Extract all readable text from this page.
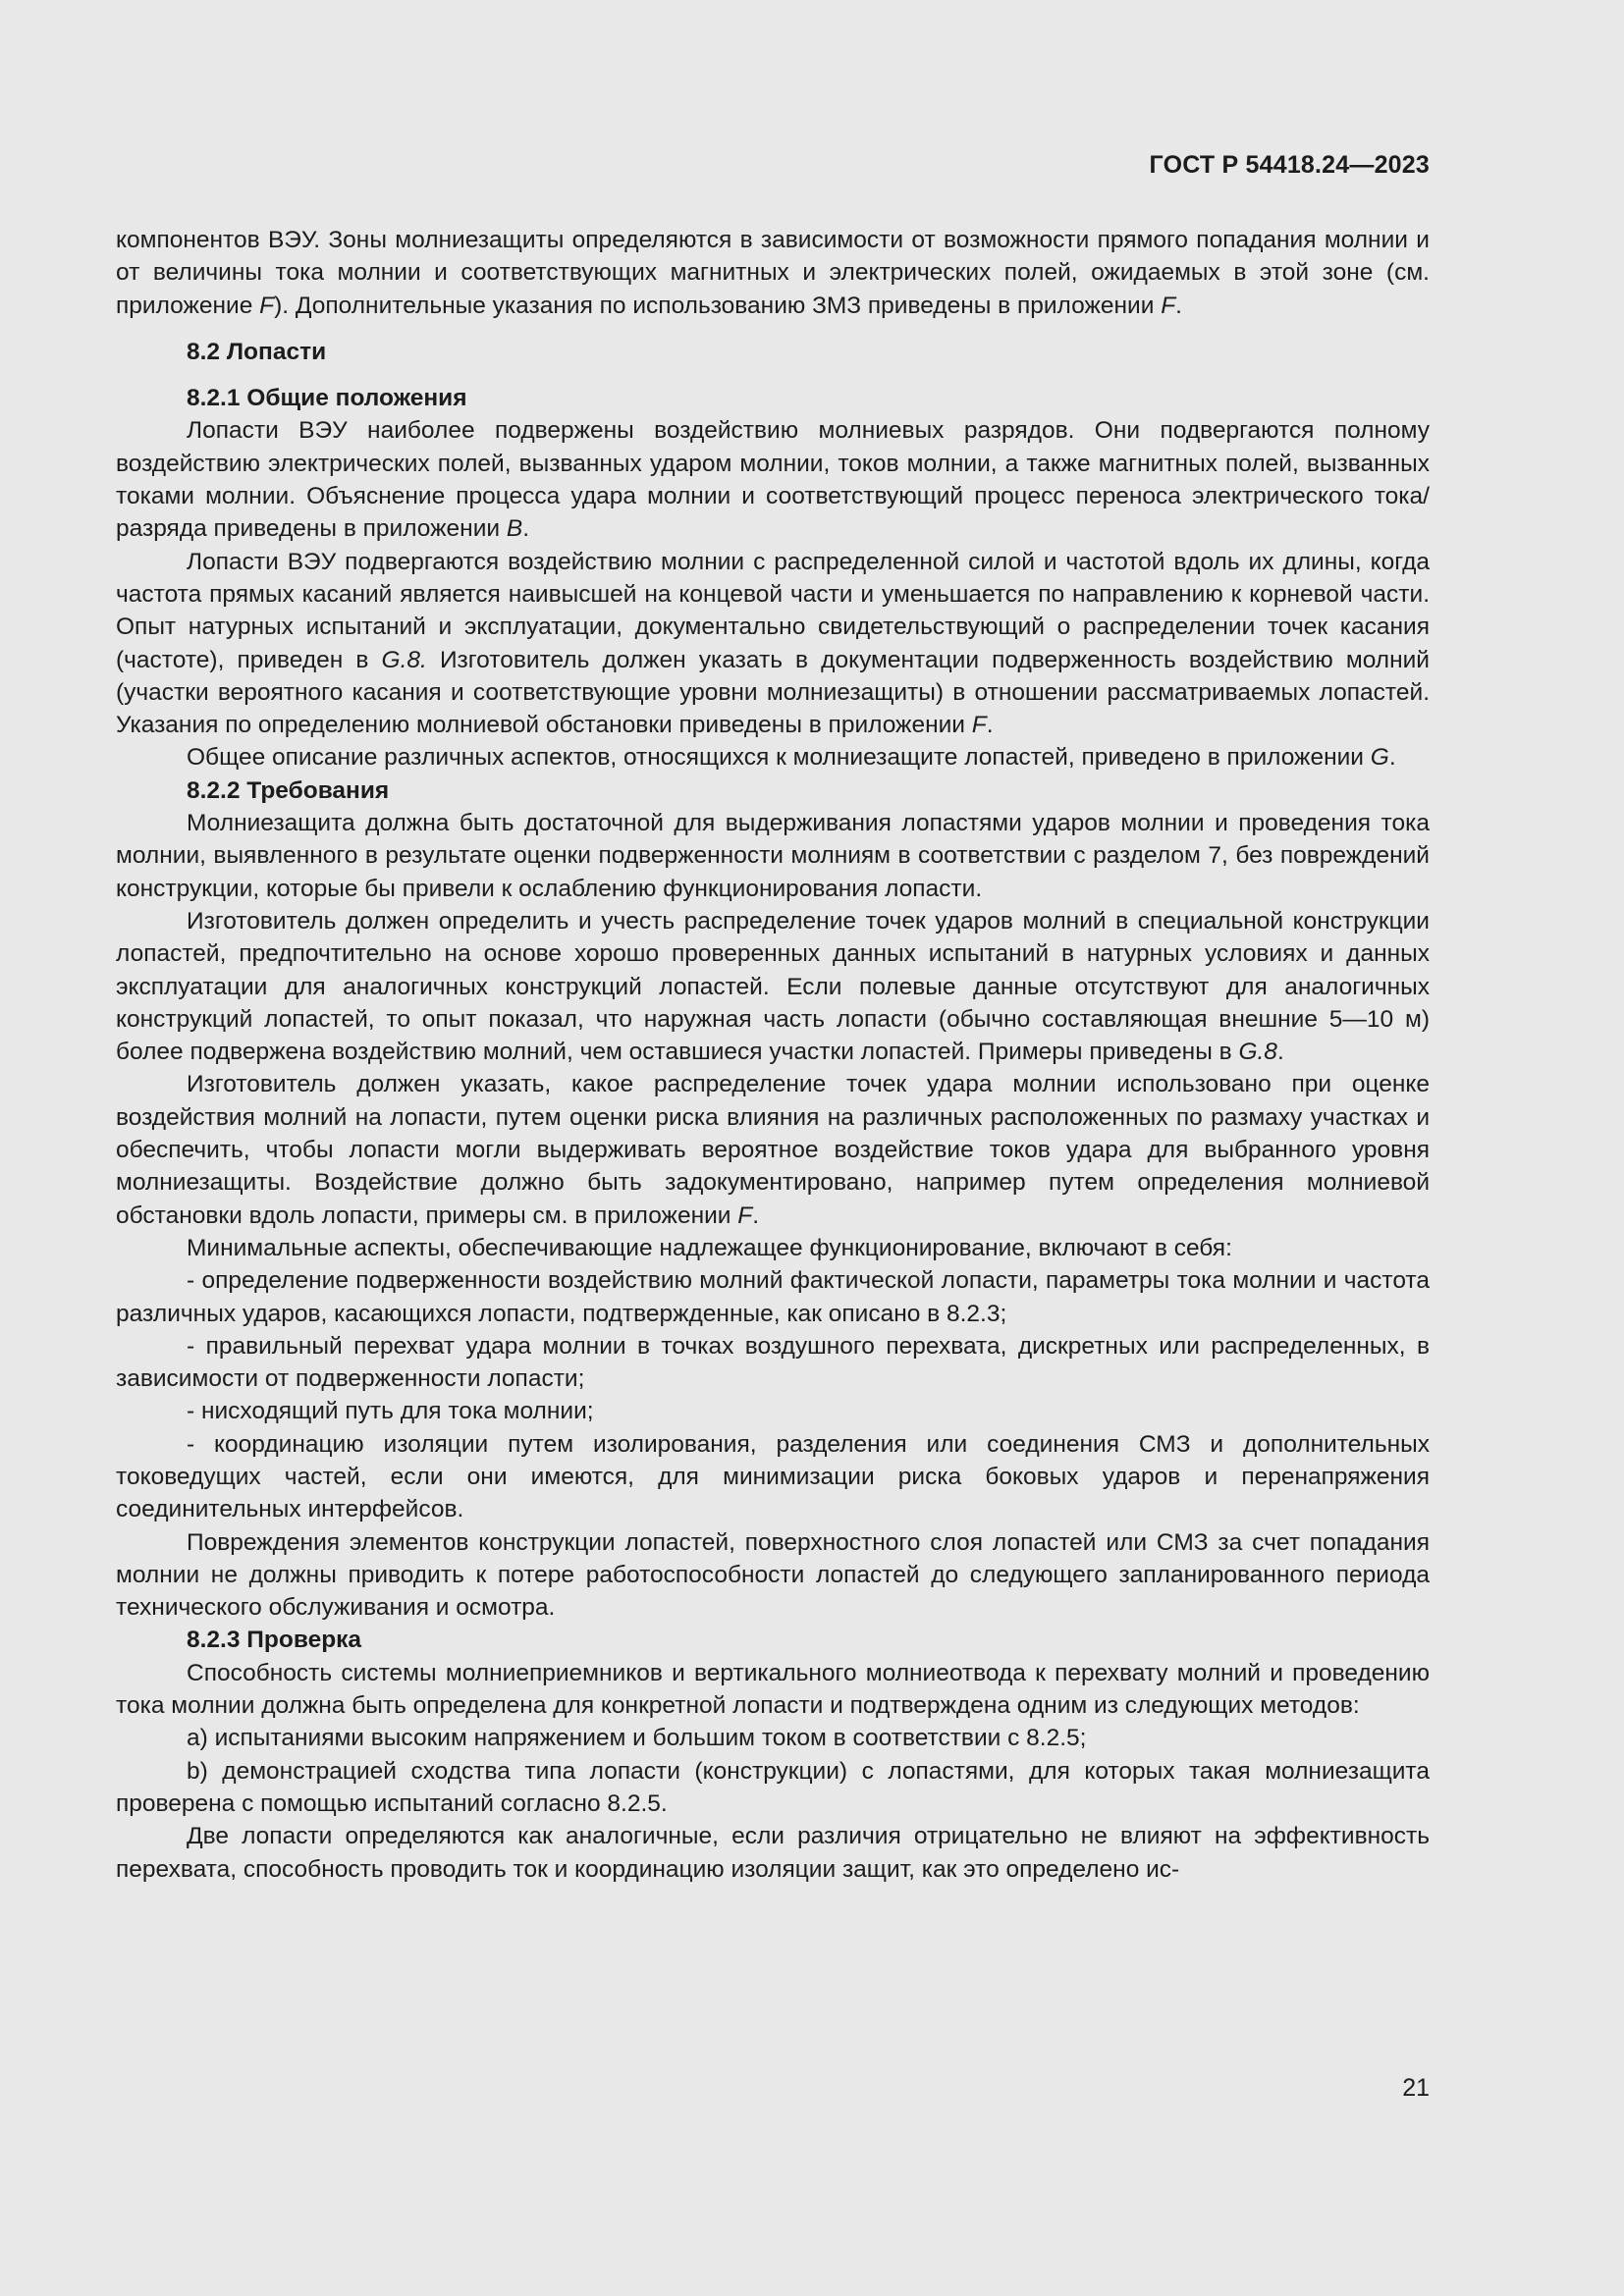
ГОСТ Р 54418.24—2023

компонентов ВЭУ. Зоны молниезащиты определяются в зависимости от возможности прямого попадания молнии и от величины тока молнии и соответствующих магнитных и электрических полей, ожидаемых в этой зоне (см. приложение F). Дополнительные указания по использованию ЗМЗ приведены в приложении F.

8.2 Лопасти

8.2.1 Общие положения

Лопасти ВЭУ наиболее подвержены воздействию молниевых разрядов. Они подвергаются полному воздействию электрических полей, вызванных ударом молнии, токов молнии, а также магнитных полей, вызванных токами молнии. Объяснение процесса удара молнии и соответствующий процесс переноса электрического тока/разряда приведены в приложении B.

Лопасти ВЭУ подвергаются воздействию молнии с распределенной силой и частотой вдоль их длины, когда частота прямых касаний является наивысшей на концевой части и уменьшается по направлению к корневой части. Опыт натурных испытаний и эксплуатации, документально свидетельствующий о распределении точек касания (частоте), приведен в G.8. Изготовитель должен указать в документации подверженность воздействию молний (участки вероятного касания и соответствующие уровни молниезащиты) в отношении рассматриваемых лопастей. Указания по определению молниевой обстановки приведены в приложении F.

Общее описание различных аспектов, относящихся к молниезащите лопастей, приведено в приложении G.

8.2.2 Требования

Молниезащита должна быть достаточной для выдерживания лопастями ударов молнии и проведения тока молнии, выявленного в результате оценки подверженности молниям в соответствии с разделом 7, без повреждений конструкции, которые бы привели к ослаблению функционирования лопасти.

Изготовитель должен определить и учесть распределение точек ударов молний в специальной конструкции лопастей, предпочтительно на основе хорошо проверенных данных испытаний в натурных условиях и данных эксплуатации для аналогичных конструкций лопастей. Если полевые данные отсутствуют для аналогичных конструкций лопастей, то опыт показал, что наружная часть лопасти (обычно составляющая внешние 5—10 м) более подвержена воздействию молний, чем оставшиеся участки лопастей. Примеры приведены в G.8.

Изготовитель должен указать, какое распределение точек удара молнии использовано при оценке воздействия молний на лопасти, путем оценки риска влияния на различных расположенных по размаху участках и обеспечить, чтобы лопасти могли выдерживать вероятное воздействие токов удара для выбранного уровня молниезащиты. Воздействие должно быть задокументировано, например путем определения молниевой обстановки вдоль лопасти, примеры см. в приложении F.

Минимальные аспекты, обеспечивающие надлежащее функционирование, включают в себя:

- определение подверженности воздействию молний фактической лопасти, параметры тока молнии и частота различных ударов, касающихся лопасти, подтвержденные, как описано в 8.2.3;

- правильный перехват удара молнии в точках воздушного перехвата, дискретных или распределенных, в зависимости от подверженности лопасти;

- нисходящий путь для тока молнии;

- координацию изоляции путем изолирования, разделения или соединения СМЗ и дополнительных токоведущих частей, если они имеются, для минимизации риска боковых ударов и перенапряжения соединительных интерфейсов.

Повреждения элементов конструкции лопастей, поверхностного слоя лопастей или СМЗ за счет попадания молнии не должны приводить к потере работоспособности лопастей до следующего запланированного периода технического обслуживания и осмотра.

8.2.3 Проверка

Способность системы молниеприемников и вертикального молниеотвода к перехвату молний и проведению тока молнии должна быть определена для конкретной лопасти и подтверждена одним из следующих методов:

а) испытаниями высоким напряжением и большим током в соответствии с 8.2.5;

b) демонстрацией сходства типа лопасти (конструкции) с лопастями, для которых такая молниезащита проверена с помощью испытаний согласно 8.2.5.

Две лопасти определяются как аналогичные, если различия отрицательно не влияют на эффективность перехвата, способность проводить ток и координацию изоляции защит, как это определено ис-

21
